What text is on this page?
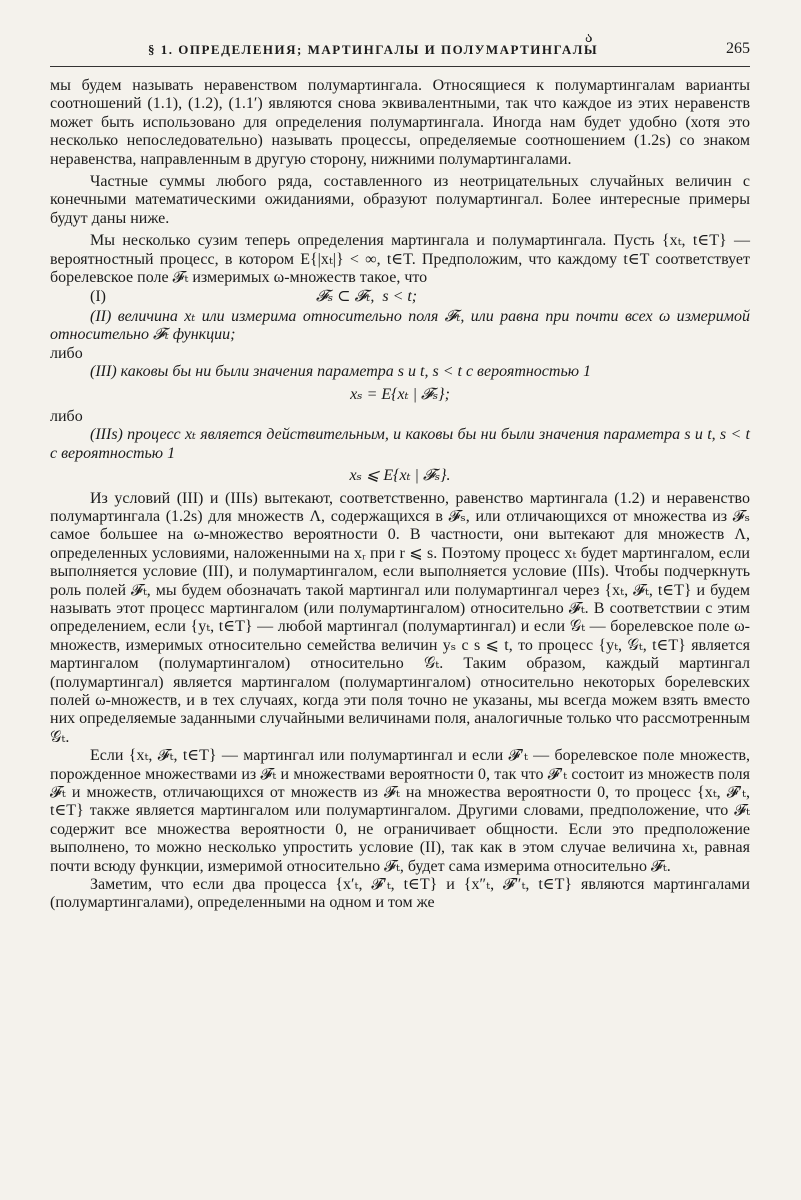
ა
§ 1. ОПРЕДЕЛЕНИЯ; МАРТИНГАЛЫ И ПОЛУМАРТИНГАЛЫ	265

мы будем называть неравенством полумартингала. Относящиеся к полумартингалам варианты соотношений (1.1), (1.2), (1.1′) являются снова эквивалентными, так что каждое из этих неравенств может быть использовано для определения полумартингала. Иногда нам будет удобно (хотя это несколько непоследовательно) называть процессы, определяемые соотношением (1.2s) со знаком неравенства, направленным в другую сторону, нижними полумартингалами.

Частные суммы любого ряда, составленного из неотрицательных случайных величин с конечными математическими ожиданиями, образуют полумартингал. Более интересные примеры будут даны ниже.

Мы несколько сузим теперь определения мартингала и полумартингала. Пусть {xₜ, t∈T} — вероятностный процесс, в котором E{|xₜ|} < ∞, t∈T. Предположим, что каждому t∈T соответствует борелевское поле 𝓕ₜ измеримых ω-множеств такое, что

(I)	𝓕ₛ ⊂ 𝓕ₜ,  s < t;

(II) величина xₜ или измерима относительно поля 𝓕ₜ, или равна при почти всех ω измеримой относительно 𝓕ₜ функции;

либо

(III) каковы бы ни были значения параметра s и t, s < t с вероятностью 1

xₛ = E{xₜ | 𝓕ₛ};

либо

(IIIs) процесс xₜ является действительным, и каковы бы ни были значения параметра s и t, s < t с вероятностью 1

xₛ ⩽ E{xₜ | 𝓕ₛ}.

Из условий (III) и (IIIs) вытекают, соответственно, равенство мартингала (1.2) и неравенство полумартингала (1.2s) для множеств Λ, содержащихся в 𝓕ₛ, или отличающихся от множества из 𝓕ₛ самое большее на ω-множество вероятности 0. В частности, они вытекают для множеств Λ, определенных условиями, наложенными на xᵣ при r ⩽ s. Поэтому процесс xₜ будет мартингалом, если выполняется условие (III), и полумартингалом, если выполняется условие (IIIs). Чтобы подчеркнуть роль полей 𝓕ₜ, мы будем обозначать такой мартингал или полумартингал через {xₜ, 𝓕ₜ, t∈T} и будем называть этот процесс мартингалом (или полумартингалом) относительно 𝓕ₜ. В соответствии с этим определением, если {yₜ, t∈T} — любой мартингал (полумартингал) и если 𝒢ₜ — борелевское поле ω-множеств, измеримых относительно семейства величин yₛ с s ⩽ t, то процесс {yₜ, 𝒢ₜ, t∈T} является мартингалом (полумартингалом) относительно 𝒢ₜ. Таким образом, каждый мартингал (полумартингал) является мартингалом (полумартингалом) относительно некоторых борелевских полей ω-множеств, и в тех случаях, когда эти поля точно не указаны, мы всегда можем взять вместо них определяемые заданными случайными величинами поля, аналогичные только что рассмотренным 𝒢ₜ.

Если {xₜ, 𝓕ₜ, t∈T} — мартингал или полумартингал и если 𝓕′ₜ — борелевское поле множеств, порожденное множествами из 𝓕ₜ и множествами вероятности 0, так что 𝓕′ₜ состоит из множеств поля 𝓕ₜ и множеств, отличающихся от множеств из 𝓕ₜ на множества вероятности 0, то процесс {xₜ, 𝓕′ₜ, t∈T} также является мартингалом или полумартингалом. Другими словами, предположение, что 𝓕ₜ содержит все множества вероятности 0, не ограничивает общности. Если это предположение выполнено, то можно несколько упростить условие (II), так как в этом случае величина xₜ, равная почти всюду функции, измеримой относительно 𝓕ₜ, будет сама измерима относительно 𝓕ₜ.

Заметим, что если два процесса {x′ₜ, 𝓕′ₜ, t∈T} и {x″ₜ, 𝓕″ₜ, t∈T} являются мартингалами (полумартингалами), определенными на одном и том же
